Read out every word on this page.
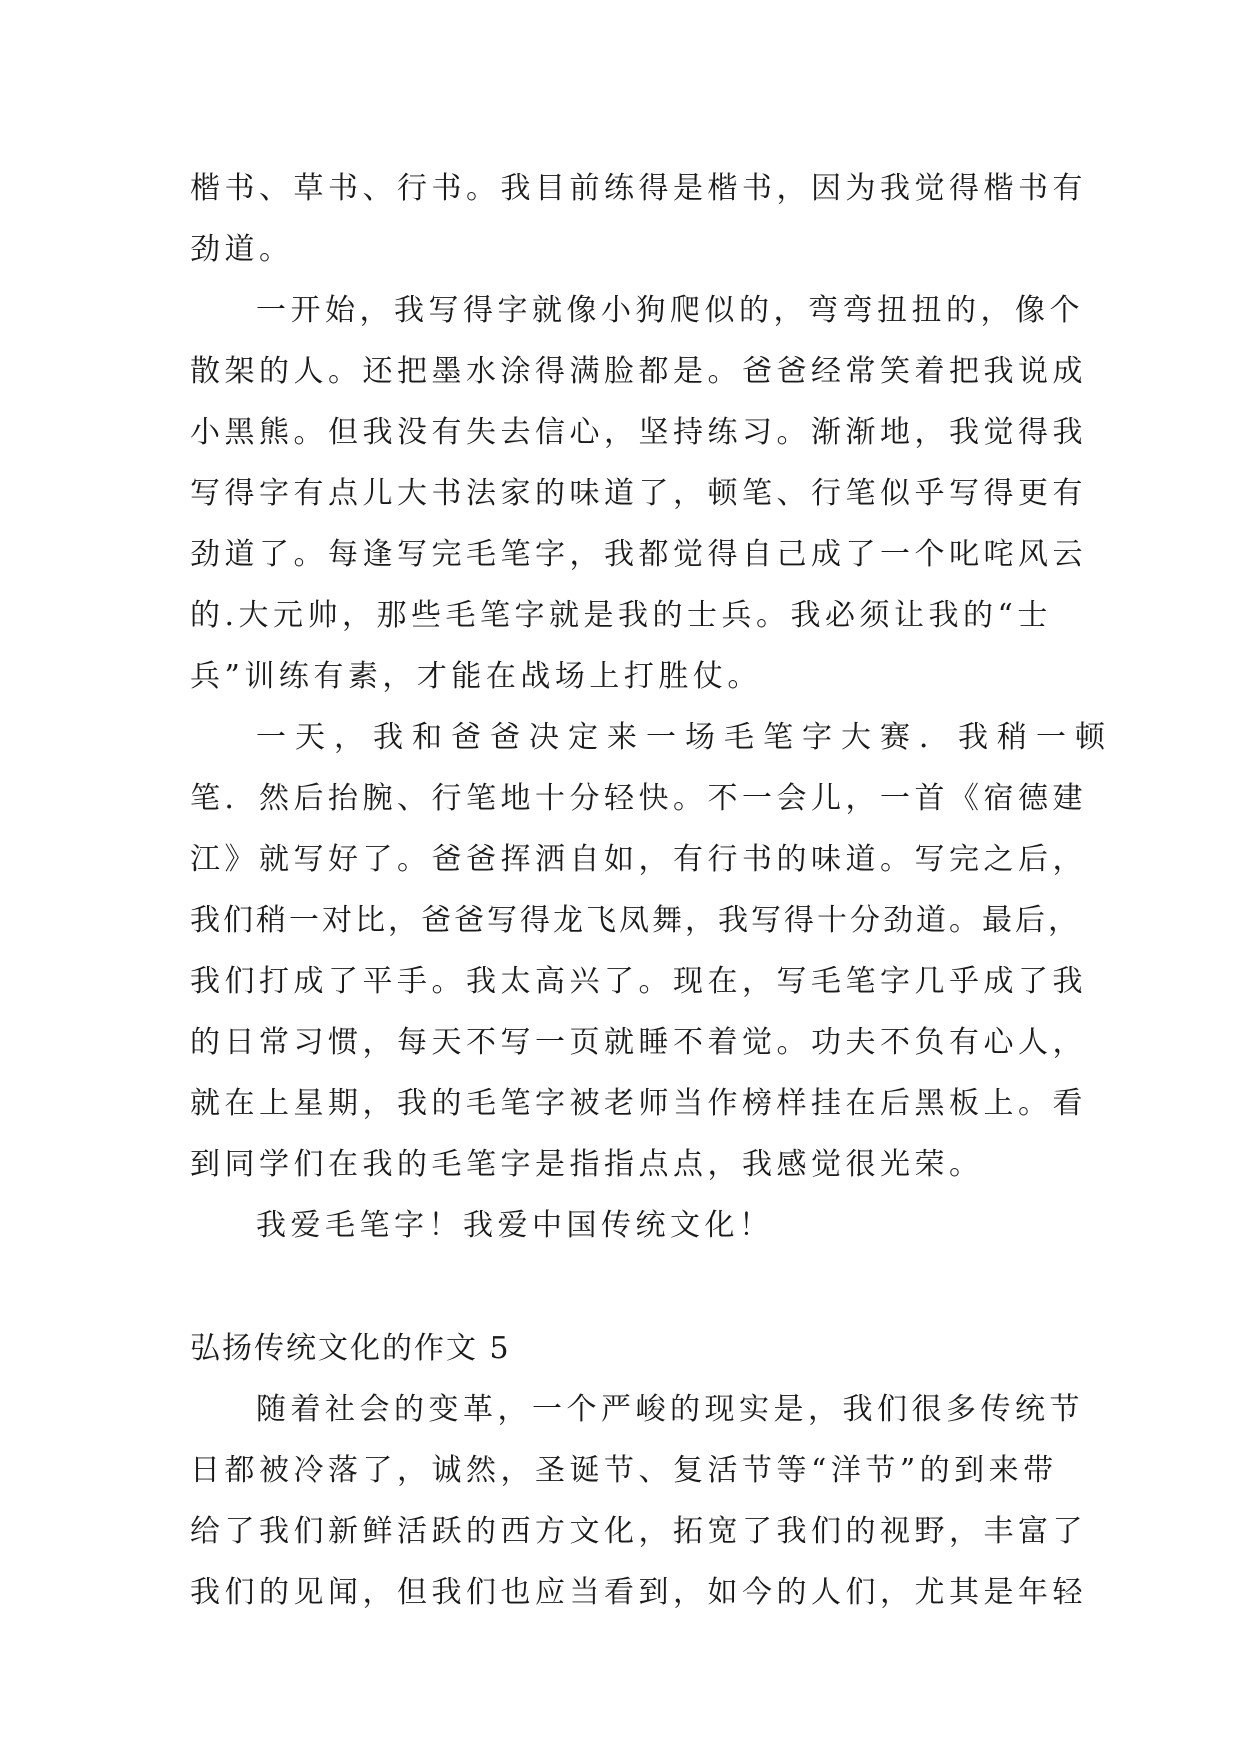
楷书、草书、行书。我目前练得是楷书，因为我觉得楷书有
劲道。
一开始，我写得字就像小狗爬似的，弯弯扭扭的，像个
散架的人。还把墨水涂得满脸都是。爸爸经常笑着把我说成
小黑熊。但我没有失去信心，坚持练习。渐渐地，我觉得我
写得字有点儿大书法家的味道了，顿笔、行笔似乎写得更有
劲道了。每逢写完毛笔字，我都觉得自己成了一个叱咤风云
的.大元帅，那些毛笔字就是我的士兵。我必须让我的“士
兵”训练有素，才能在战场上打胜仗。
一天，我和爸爸决定来一场毛笔字大赛．我稍一顿
笔．然后抬腕、行笔地十分轻快。不一会儿，一首《宿德建
江》就写好了。爸爸挥洒自如，有行书的味道。写完之后，
我们稍一对比，爸爸写得龙飞凤舞，我写得十分劲道。最后，
我们打成了平手。我太高兴了。现在，写毛笔字几乎成了我
的日常习惯，每天不写一页就睡不着觉。功夫不负有心人，
就在上星期，我的毛笔字被老师当作榜样挂在后黑板上。看
到同学们在我的毛笔字是指指点点，我感觉很光荣。
我爱毛笔字！我爱中国传统文化！
弘扬传统文化的作文 5
随着社会的变革，一个严峻的现实是，我们很多传统节
日都被冷落了，诚然，圣诞节、复活节等“洋节”的到来带
给了我们新鲜活跃的西方文化，拓宽了我们的视野，丰富了
我们的见闻，但我们也应当看到，如今的人们，尤其是年轻
